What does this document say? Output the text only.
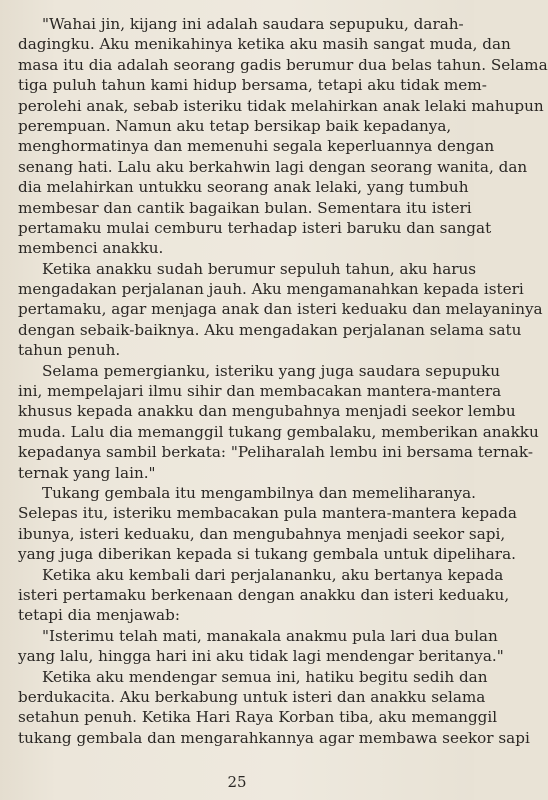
"Wahai jin, kijang ini adalah saudara sepupuku, darah-
dagingku. Aku menikahinya ketika aku masih sangat muda, dan
masa itu dia adalah seorang gadis berumur dua belas tahun. Selama
tiga puluh tahun kami hidup bersama, tetapi aku tidak mem-
perolehi anak, sebab isteriku tidak melahirkan anak lelaki mahupun
perempuan. Namun aku tetap bersikap baik kepadanya,
menghormatinya dan memenuhi segala keperluannya dengan
senang hati. Lalu aku berkahwin lagi dengan seorang wanita, dan
dia melahirkan untukku seorang anak lelaki, yang tumbuh
membesar dan cantik bagaikan bulan. Sementara itu isteri
pertamaku mulai cemburu terhadap isteri baruku dan sangat
membenci anakku.
Ketika anakku sudah berumur sepuluh tahun, aku harus
mengadakan perjalanan jauh. Aku mengamanahkan kepada isteri
pertamaku, agar menjaga anak dan isteri keduaku dan melayaninya
dengan sebaik-baiknya. Aku mengadakan perjalanan selama satu
tahun penuh.
Selama pemergianku, isteriku yang juga saudara sepupuku
ini, mempelajari ilmu sihir dan membacakan mantera-mantera
khusus kepada anakku dan mengubahnya menjadi seekor lembu
muda. Lalu dia memanggil tukang gembalaku, memberikan anakku
kepadanya sambil berkata: "Peliharalah lembu ini bersama ternak-
ternak yang lain."
Tukang gembala itu mengambilnya dan memeliharanya.
Selepas itu, isteriku membacakan pula mantera-mantera kepada
ibunya, isteri keduaku, dan mengubahnya menjadi seekor sapi,
yang juga diberikan kepada si tukang gembala untuk dipelihara.
Ketika aku kembali dari perjalananku, aku bertanya kepada
isteri pertamaku berkenaan dengan anakku dan isteri keduaku,
tetapi dia menjawab:
"Isterimu telah mati, manakala anakmu pula lari dua bulan
yang lalu, hingga hari ini aku tidak lagi mendengar beritanya."
Ketika aku mendengar semua ini, hatiku begitu sedih dan
berdukacita. Aku berkabung untuk isteri dan anakku selama
setahun penuh. Ketika Hari Raya Korban tiba, aku memanggil
tukang gembala dan mengarahkannya agar membawa seekor sapi
25
